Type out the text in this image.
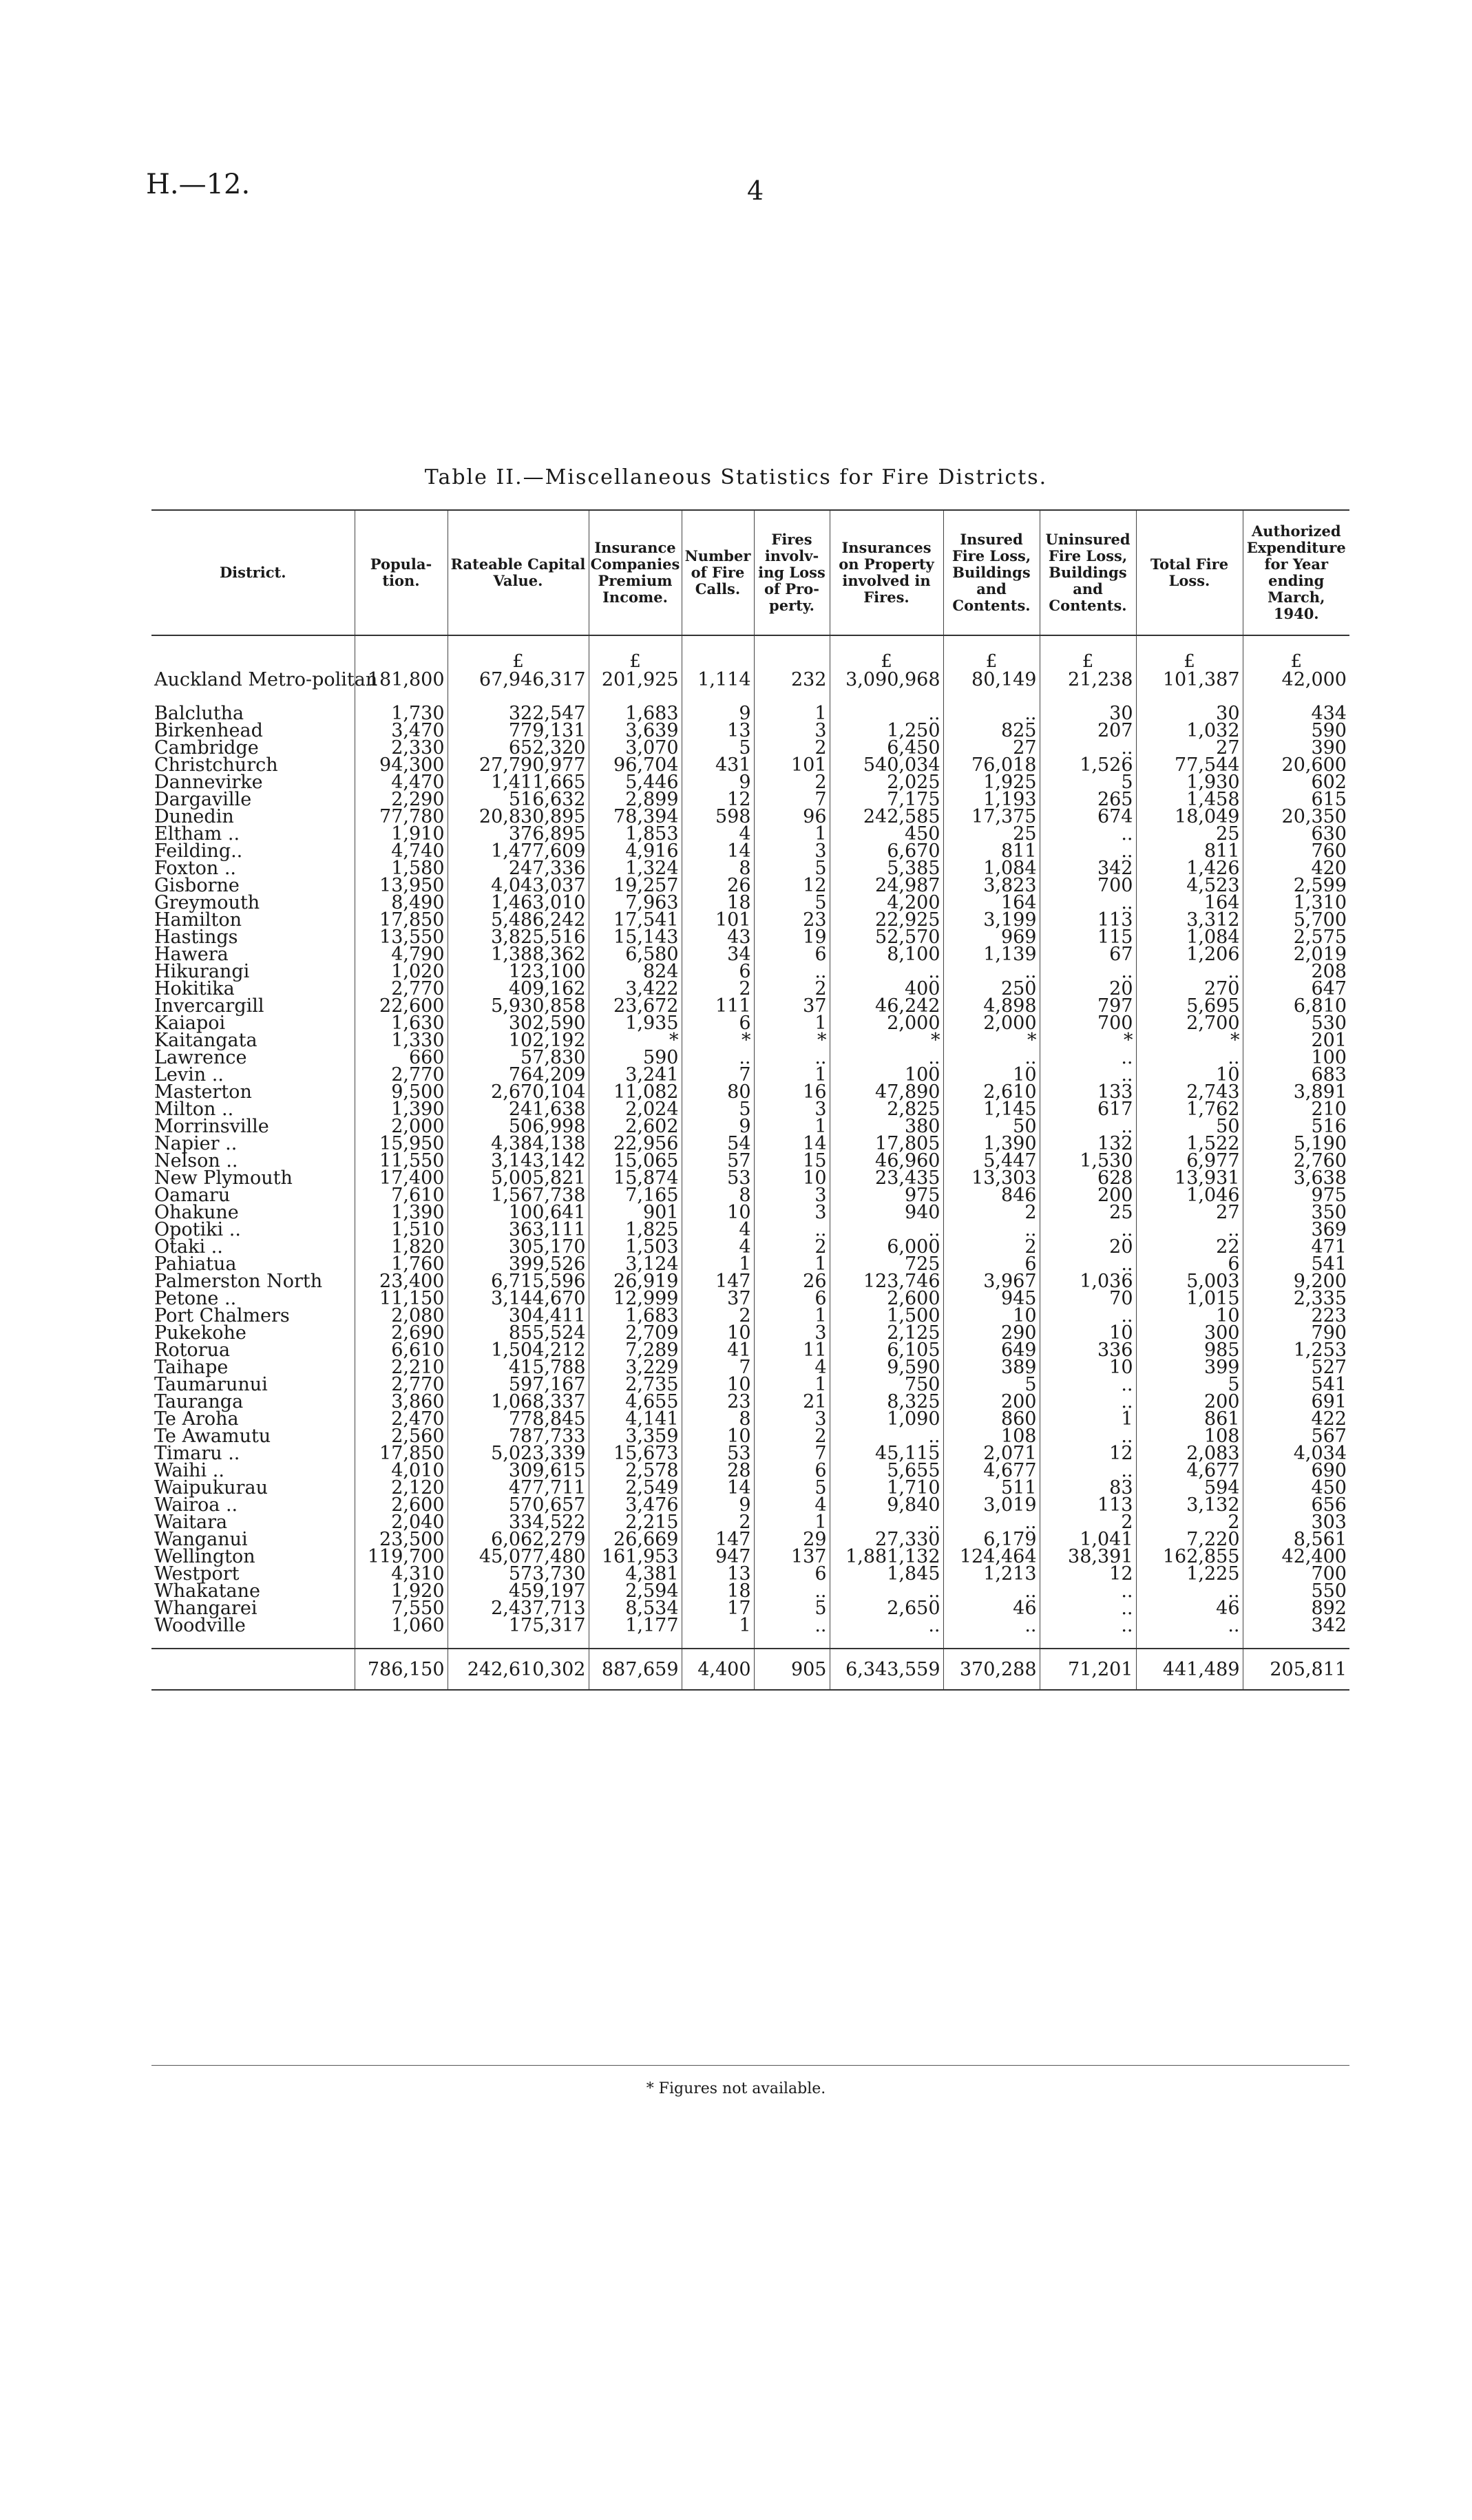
H.—12.	4
Table II.—Miscellaneous Statistics for Fire Districts.
District.	Popula-tion.	Rateable Capital Value.	Insurance Companies Premium Income.	Number of Fire Calls.	Fires involv-ing Loss of Pro-perty.	Insurances on Property involved in Fires.	Insured Fire Loss, Buildings and Contents.	Uninsured Fire Loss, Buildings and Contents.	Total Fire Loss.	Authorized Expenditure for Year ending March, 1940.
		£	£			£	£	£	£	£
Auckland Metro-politan	181,800	67,946,317	201,925	1,114	232	3,090,968	80,149	21,238	101,387	42,000
Balclutha	1,730	322,547	1,683	9	1	..	..	30	30	434
Birkenhead	3,470	779,131	3,639	13	3	1,250	825	207	1,032	590
Cambridge	2,330	652,320	3,070	5	2	6,450	27	..	27	390
Christchurch	94,300	27,790,977	96,704	431	101	540,034	76,018	1,526	77,544	20,600
Dannevirke	4,470	1,411,665	5,446	9	2	2,025	1,925	5	1,930	602
Dargaville	2,290	516,632	2,899	12	7	7,175	1,193	265	1,458	615
Dunedin	77,780	20,830,895	78,394	598	96	242,585	17,375	674	18,049	20,350
Eltham ..	1,910	376,895	1,853	4	1	450	25	..	25	630
Feilding..	4,740	1,477,609	4,916	14	3	6,670	811	..	811	760
Foxton ..	1,580	247,336	1,324	8	5	5,385	1,084	342	1,426	420
Gisborne	13,950	4,043,037	19,257	26	12	24,987	3,823	700	4,523	2,599
Greymouth	8,490	1,463,010	7,963	18	5	4,200	164	..	164	1,310
Hamilton	17,850	5,486,242	17,541	101	23	22,925	3,199	113	3,312	5,700
Hastings	13,550	3,825,516	15,143	43	19	52,570	969	115	1,084	2,575
Hawera	4,790	1,388,362	6,580	34	6	8,100	1,139	67	1,206	2,019
Hikurangi	1,020	123,100	824	6	..	..	..	..	..	208
Hokitika	2,770	409,162	3,422	2	2	400	250	20	270	647
Invercargill	22,600	5,930,858	23,672	111	37	46,242	4,898	797	5,695	6,810
Kaiapoi	1,630	302,590	1,935	6	1	2,000	2,000	700	2,700	530
Kaitangata	1,330	102,192	*	*	*	*	*	*	*	201
Lawrence	660	57,830	590	..	..	..	..	..	..	100
Levin ..	2,770	764,209	3,241	7	1	100	10	..	10	683
Masterton	9,500	2,670,104	11,082	80	16	47,890	2,610	133	2,743	3,891
Milton ..	1,390	241,638	2,024	5	3	2,825	1,145	617	1,762	210
Morrinsville	2,000	506,998	2,602	9	1	380	50	..	50	516
Napier ..	15,950	4,384,138	22,956	54	14	17,805	1,390	132	1,522	5,190
Nelson ..	11,550	3,143,142	15,065	57	15	46,960	5,447	1,530	6,977	2,760
New Plymouth	17,400	5,005,821	15,874	53	10	23,435	13,303	628	13,931	3,638
Oamaru	7,610	1,567,738	7,165	8	3	975	846	200	1,046	975
Ohakune	1,390	100,641	901	10	3	940	2	25	27	350
Opotiki ..	1,510	363,111	1,825	4	..	..	..	..	..	369
Otaki ..	1,820	305,170	1,503	4	2	6,000	2	20	22	471
Pahiatua	1,760	399,526	3,124	1	1	725	6	..	6	541
Palmerston North	23,400	6,715,596	26,919	147	26	123,746	3,967	1,036	5,003	9,200
Petone ..	11,150	3,144,670	12,999	37	6	2,600	945	70	1,015	2,335
Port Chalmers	2,080	304,411	1,683	2	1	1,500	10	..	10	223
Pukekohe	2,690	855,524	2,709	10	3	2,125	290	10	300	790
Rotorua	6,610	1,504,212	7,289	41	11	6,105	649	336	985	1,253
Taihape	2,210	415,788	3,229	7	4	9,590	389	10	399	527
Taumarunui	2,770	597,167	2,735	10	1	750	5	..	5	541
Tauranga	3,860	1,068,337	4,655	23	21	8,325	200	..	200	691
Te Aroha	2,470	778,845	4,141	8	3	1,090	860	1	861	422
Te Awamutu	2,560	787,733	3,359	10	2	..	108	..	108	567
Timaru ..	17,850	5,023,339	15,673	53	7	45,115	2,071	12	2,083	4,034
Waihi ..	4,010	309,615	2,578	28	6	5,655	4,677	..	4,677	690
Waipukurau	2,120	477,711	2,549	14	5	1,710	511	83	594	450
Wairoa ..	2,600	570,657	3,476	9	4	9,840	3,019	113	3,132	656
Waitara	2,040	334,522	2,215	2	1	..	..	2	2	303
Wanganui	23,500	6,062,279	26,669	147	29	27,330	6,179	1,041	7,220	8,561
Wellington	119,700	45,077,480	161,953	947	137	1,881,132	124,464	38,391	162,855	42,400
Westport	4,310	573,730	4,381	13	6	1,845	1,213	12	1,225	700
Whakatane	1,920	459,197	2,594	18	..	..	..	..	..	550
Whangarei	7,550	2,437,713	8,534	17	5	2,650	46	..	46	892
Woodville	1,060	175,317	1,177	1	..	..	..	..	..	342

	786,150	242,610,302	887,659	4,400	905	6,343,559	370,288	71,201	441,489	205,811
* Figures not available.
